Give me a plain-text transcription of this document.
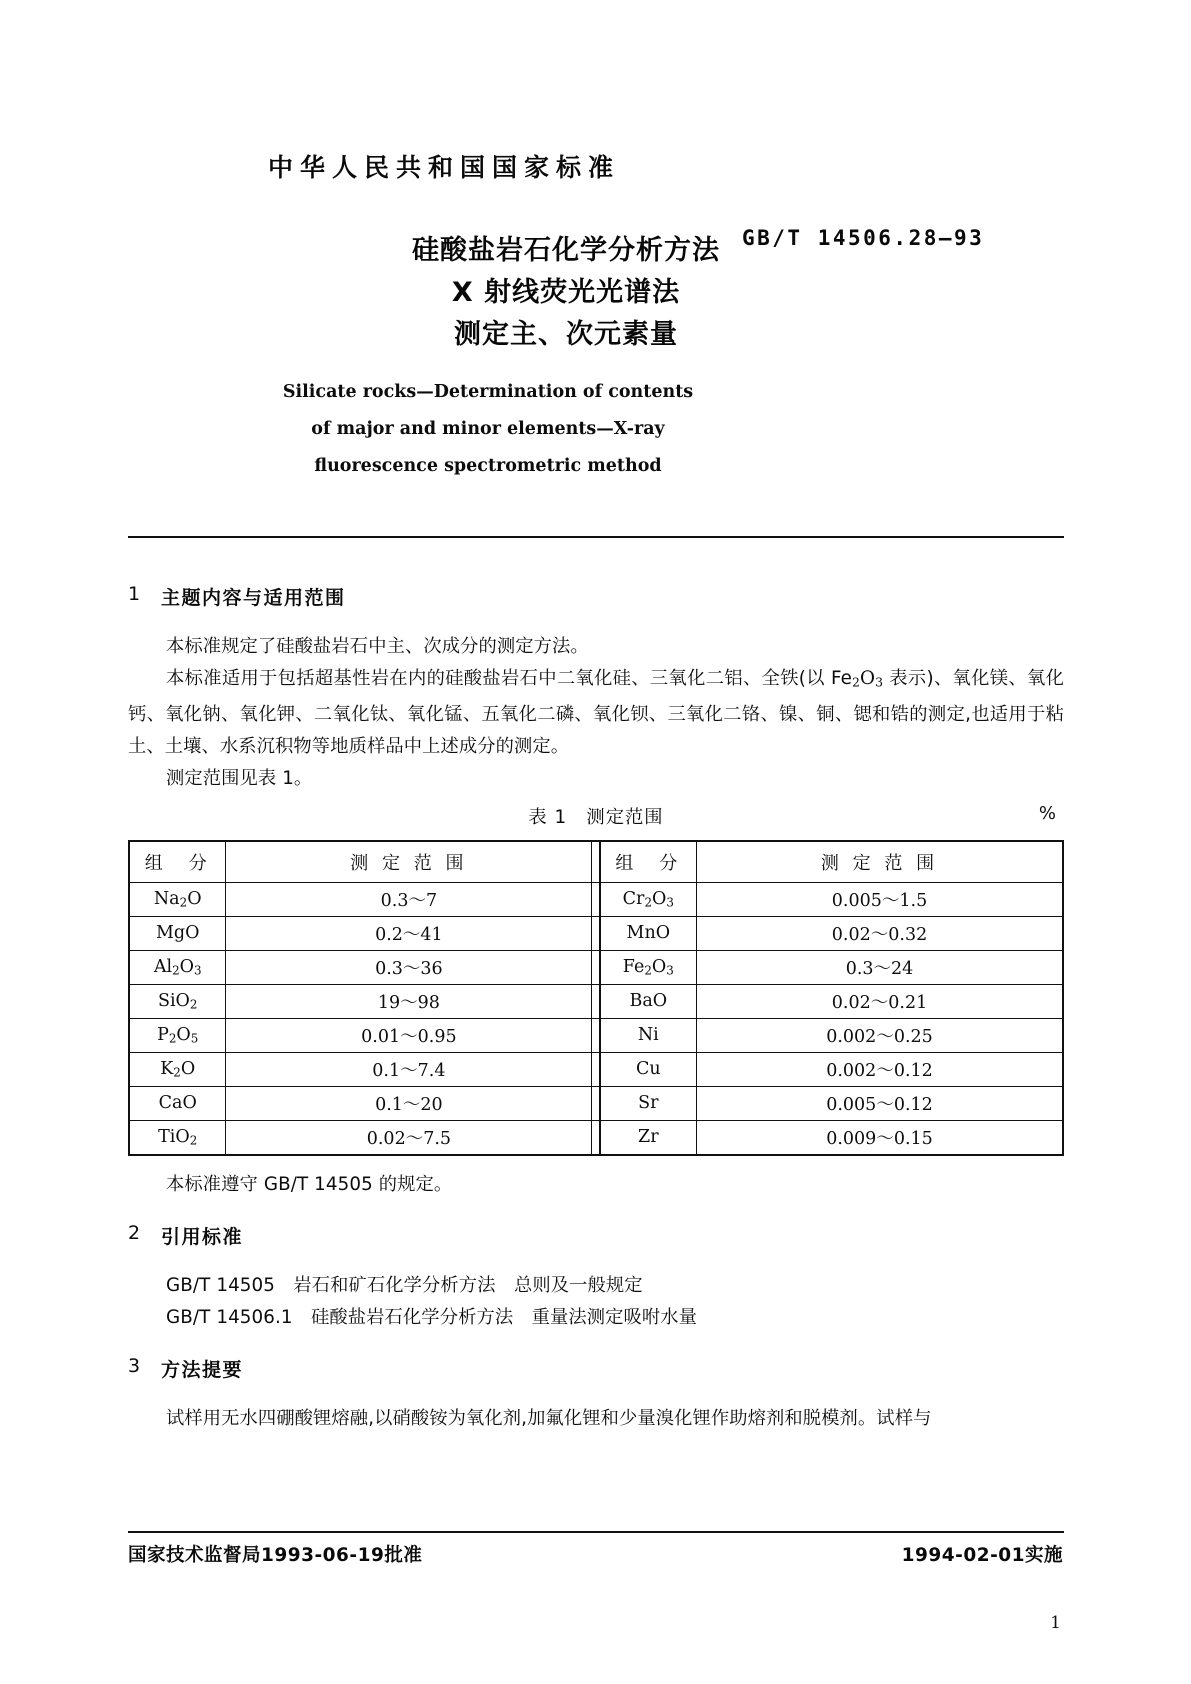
中华人民共和国国家标准
硅酸盐岩石化学分析方法
X 射线荧光光谱法
测定主、次元素量
Silicate rocks—Determination of contents
of major and minor elements—X-ray
fluorescence spectrometric method
GB/T 14506.28—93
1	主题内容与适用范围

本标准规定了硅酸盐岩石中主、次成分的测定方法。

本标准适用于包括超基性岩在内的硅酸盐岩石中二氧化硅、三氧化二铝、全铁(以 $Fe_2O_3$ 表示)、氧化镁、氧化钙、氧化钠、氧化钾、二氧化钛、氧化锰、五氧化二磷、氧化钡、三氧化二铬、镍、铜、锶和锆的测定,也适用于粘土、土壤、水系沉积物等地质样品中上述成分的测定。

测定范围见表 1。

表 1　测定范围	%
组　分	测 定 范 围		组　分	测 定 范 围
$Na_2O$	0.3～7		$Cr_2O_3$	0.005～1.5
MgO	0.2～41		MnO	0.02～0.32
$Al_2O_3$	0.3～36		$Fe_2O_3$	0.3～24
SiO$_2$	19～98		BaO	0.02～0.21
$P_2O_5$	0.01～0.95		Ni	0.002～0.25
$K_2O$	0.1～7.4		Cu	0.002～0.12
CaO	0.1～20		Sr	0.005～0.12
TiO$_2$	0.02～7.5		Zr	0.009～0.15

本标准遵守 GB/T 14505 的规定。

2	引用标准

GB/T 14505　岩石和矿石化学分析方法　总则及一般规定

GB/T 14506.1　硅酸盐岩石化学分析方法　重量法测定吸咐水量

3	方法提要

试样用无水四硼酸锂熔融,以硝酸铵为氧化剂,加氟化锂和少量溴化锂作助熔剂和脱模剂。试样与

国家技术监督局1993-06-19批准	1994-02-01实施
1
